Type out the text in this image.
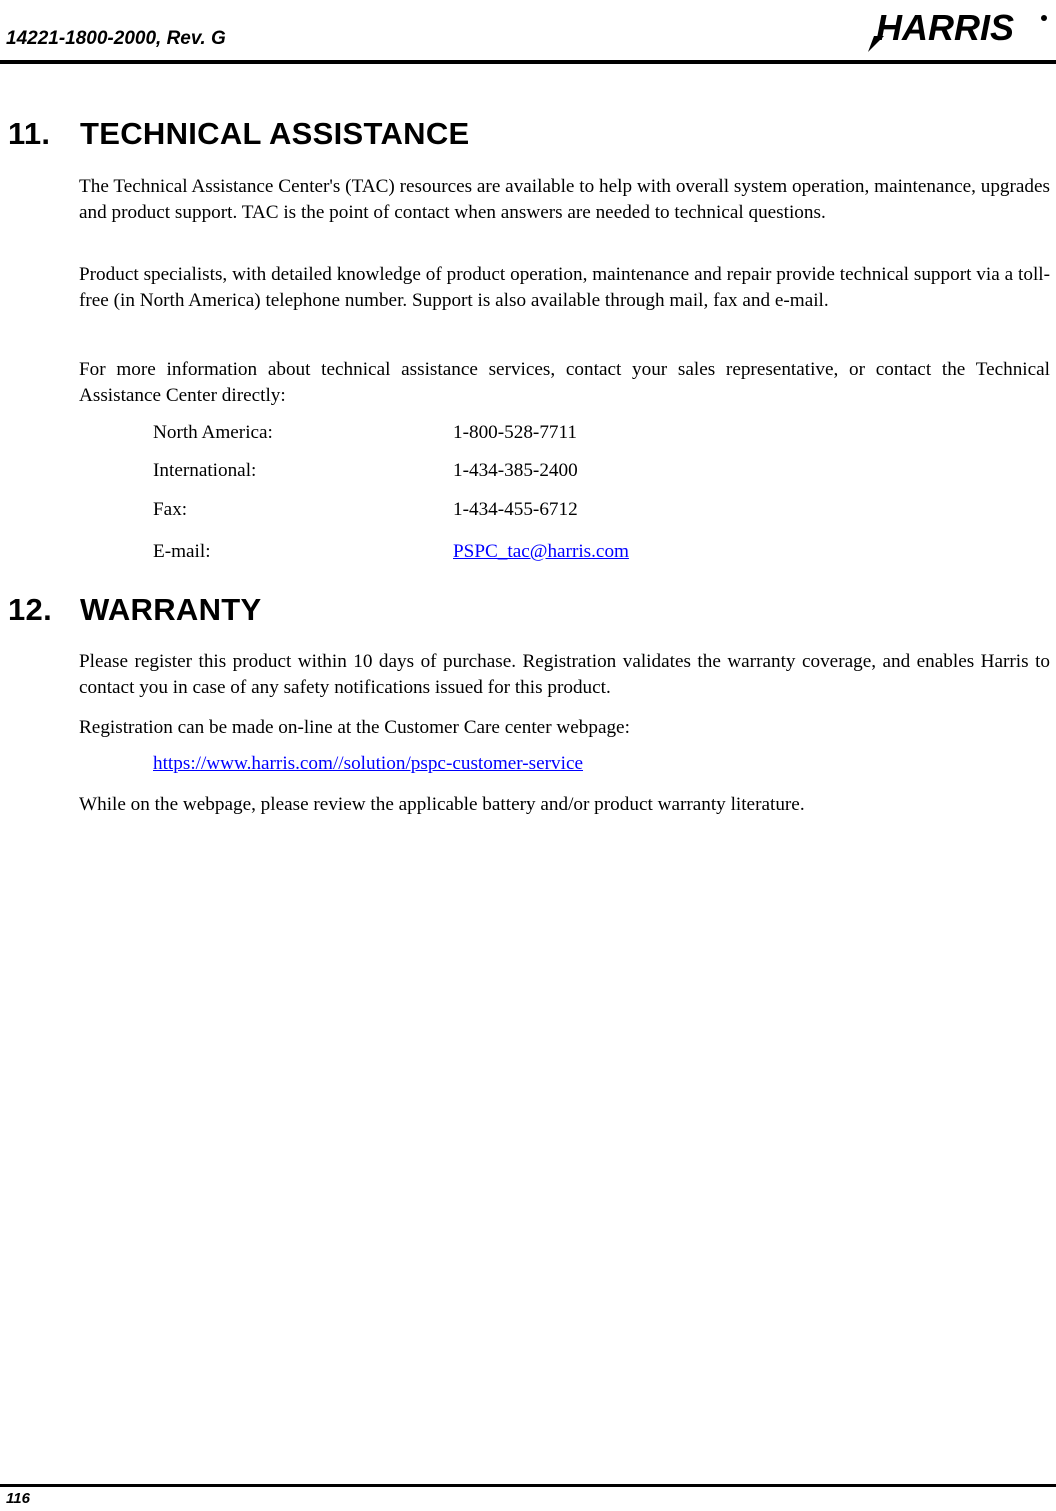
14221-1800-2000, Rev. G	HARRIS
11. TECHNICAL ASSISTANCE
The Technical Assistance Center's (TAC) resources are available to help with overall system operation, maintenance, upgrades and product support. TAC is the point of contact when answers are needed to technical questions.
Product specialists, with detailed knowledge of product operation, maintenance and repair provide technical support via a toll-free (in North America) telephone number. Support is also available through mail, fax and e-mail.
For more information about technical assistance services, contact your sales representative, or contact the Technical Assistance Center directly:
North America:	1-800-528-7711
International:	1-434-385-2400
Fax:	1-434-455-6712
E-mail:	PSPC_tac@harris.com
12. WARRANTY
Please register this product within 10 days of purchase. Registration validates the warranty coverage, and enables Harris to contact you in case of any safety notifications issued for this product.
Registration can be made on-line at the Customer Care center webpage:
https://www.harris.com//solution/pspc-customer-service
While on the webpage, please review the applicable battery and/or product warranty literature.
116
